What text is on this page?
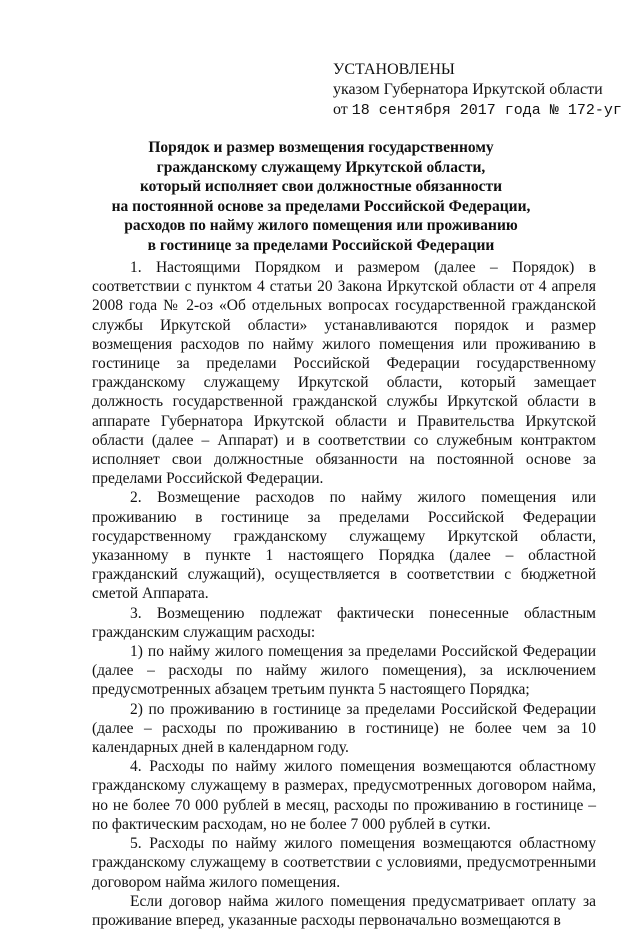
УСТАНОВЛЕНЫ
указом Губернатора Иркутской области
от 18 сентября 2017 года № 172-уг
Порядок и размер возмещения государственному
гражданскому служащему Иркутской области,
который исполняет свои должностные обязанности
на постоянной основе за пределами Российской Федерации,
расходов по найму жилого помещения или проживанию
в гостинице за пределами Российской Федерации

1. Настоящими Порядком и размером (далее – Порядок) в соответствии с пунктом 4 статьи 20 Закона Иркутской области от 4 апреля 2008 года № 2-оз «Об отдельных вопросах государственной гражданской службы Иркутской области» устанавливаются порядок и размер возмещения расходов по найму жилого помещения или проживанию в гостинице за пределами Российской Федерации государственному гражданскому служащему Иркутской области, который замещает должность государственной гражданской службы Иркутской области в аппарате Губернатора Иркутской области и Правительства Иркутской области (далее – Аппарат) и в соответствии со служебным контрактом исполняет свои должностные обязанности на постоянной основе за пределами Российской Федерации.

2. Возмещение расходов по найму жилого помещения или проживанию в гостинице за пределами Российской Федерации государственному гражданскому служащему Иркутской области, указанному в пункте 1 настоящего Порядка (далее – областной гражданский служащий), осуществляется в соответствии с бюджетной сметой Аппарата.

3. Возмещению подлежат фактически понесенные областным гражданским служащим расходы:

1) по найму жилого помещения за пределами Российской Федерации (далее – расходы по найму жилого помещения), за исключением предусмотренных абзацем третьим пункта 5 настоящего Порядка;

2) по проживанию в гостинице за пределами Российской Федерации (далее – расходы по проживанию в гостинице) не более чем за 10 календарных дней в календарном году.

4. Расходы по найму жилого помещения возмещаются областному гражданскому служащему в размерах, предусмотренных договором найма, но не более 70 000 рублей в месяц, расходы по проживанию в гостинице – по фактическим расходам, но не более 7 000 рублей в сутки.

5. Расходы по найму жилого помещения возмещаются областному гражданскому служащему в соответствии с условиями, предусмотренными договором найма жилого помещения.

Если договор найма жилого помещения предусматривает оплату за проживание вперед, указанные расходы первоначально возмещаются в
